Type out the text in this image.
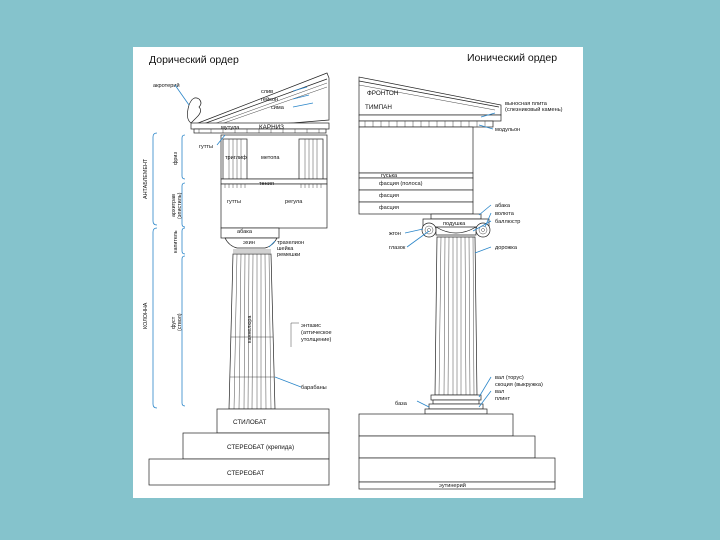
Дорический ордер	Ионический ордер
акротерий
слив
гейсон
сима
мутула	КАРНИЗ
гутты
триглиф	метопа
тения
гутты	регула
абака
эхин	трахелион
шейка
ремешки
каннелюра	энтазис
(аттическое
утолщение)
барабаны
СТИЛОБАТ
СТЕРЕОБАТ (крепида)
СТЕРЕОБАТ
АНТАБЛЕМЕНТ
фриз
архитрав (эпистиль)
капитель
КОЛОННА	фуст (ствол)
ФРОНТОН
ТИМПАН	выносная плита
(слезниковый камень)
модульон
гуська
фасция (полоса)
фасция
фасция
подушка
абака
волюта
баллюстр
жгон
глазок	дорожка
вал (торус)
скоция (выкружка)
вал
плинт
база
эутинерий
